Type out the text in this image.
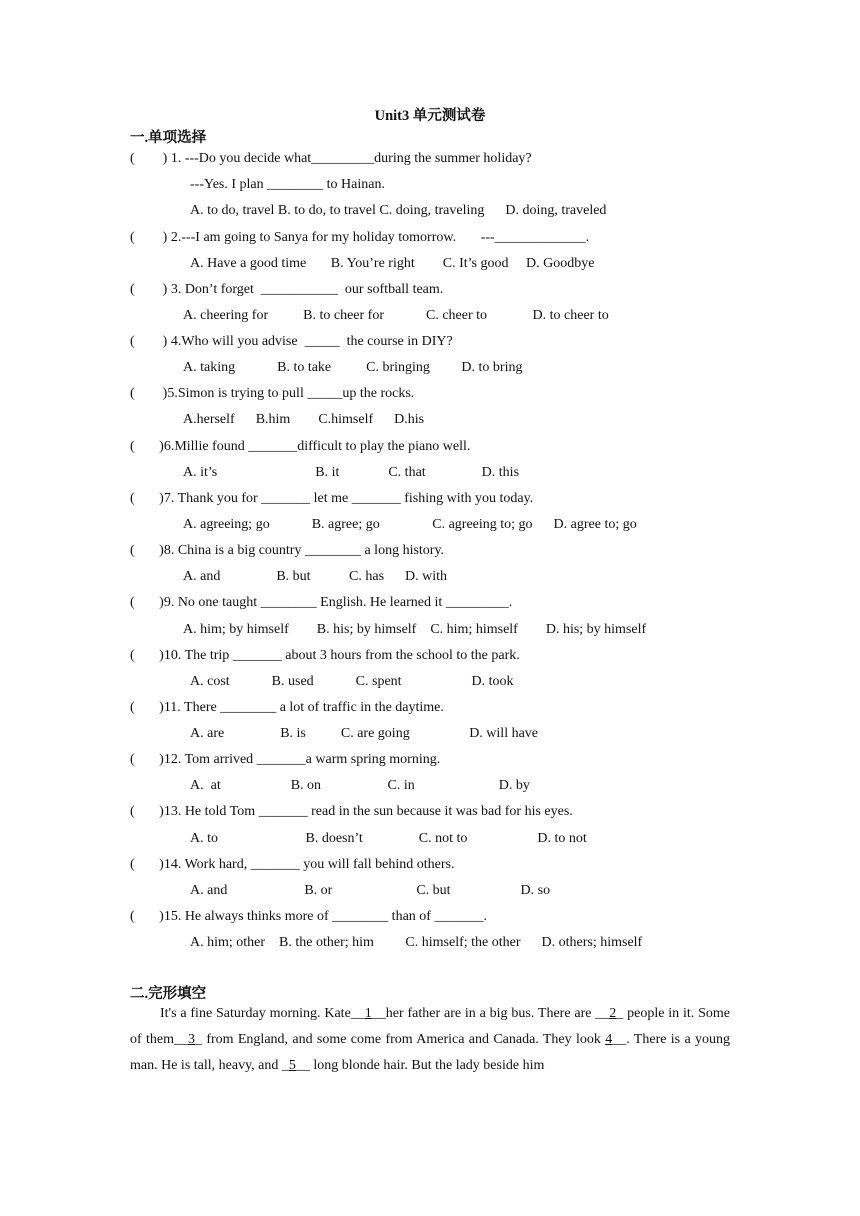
Unit3 单元测试卷
一.单项选择
(        ) 1. ---Do you decide what_________during the summer holiday?
---Yes. I plan ________ to Hainan.
A. to do, travel B. to do, to travel C. doing, traveling      D. doing, traveled
(        ) 2.---I am going to Sanya for my holiday tomorrow.       ---_____________.
A. Have a good time       B. You’re right        C. It’s good     D. Goodbye
(        ) 3. Don’t forget  ___________  our softball team.
A. cheering for          B. to cheer for            C. cheer to             D. to cheer to
(        ) 4.Who will you advise  _____  the course in DIY?
A. taking            B. to take          C. bringing         D. to bring
(        )5.Simon is trying to pull _____up the rocks.
A.herself      B.him        C.himself      D.his
(       )6.Millie found _______difficult to play the piano well.
A. it’s                            B. it              C. that                D. this
(       )7. Thank you for _______ let me _______ fishing with you today.
A. agreeing; go            B. agree; go               C. agreeing to; go      D. agree to; go
(       )8. China is a big country ________ a long history.
A. and                B. but           C. has      D. with
(       )9. No one taught ________ English. He learned it _________.
A. him; by himself        B. his; by himself    C. him; himself        D. his; by himself
(       )10. The trip _______ about 3 hours from the school to the park.
A. cost            B. used            C. spent                    D. took
(       )11. There ________ a lot of traffic in the daytime.
A. are                B. is          C. are going                 D. will have
(       )12. Tom arrived _______a warm spring morning.
A.  at                    B. on                   C. in                        D. by
(       )13. He told Tom _______ read in the sun because it was bad for his eyes.
A. to                         B. doesn’t                C. not to                    D. to not
(       )14. Work hard, _______ you will fall behind others.
A. and                      B. or                        C. but                    D. so
(       )15. He always thinks more of ________ than of _______.
A. him; other    B. the other; him         C. himself; the other      D. others; himself
二.完形填空
It's a fine Saturday morning. Kate__1__her father are in a big bus. There are __2_ people in it. Some of them__3_ from England, and some come from America and Canada. They look 4__. There is a young man. He is tall, heavy, and _5__ long blonde hair. But the lady beside him
